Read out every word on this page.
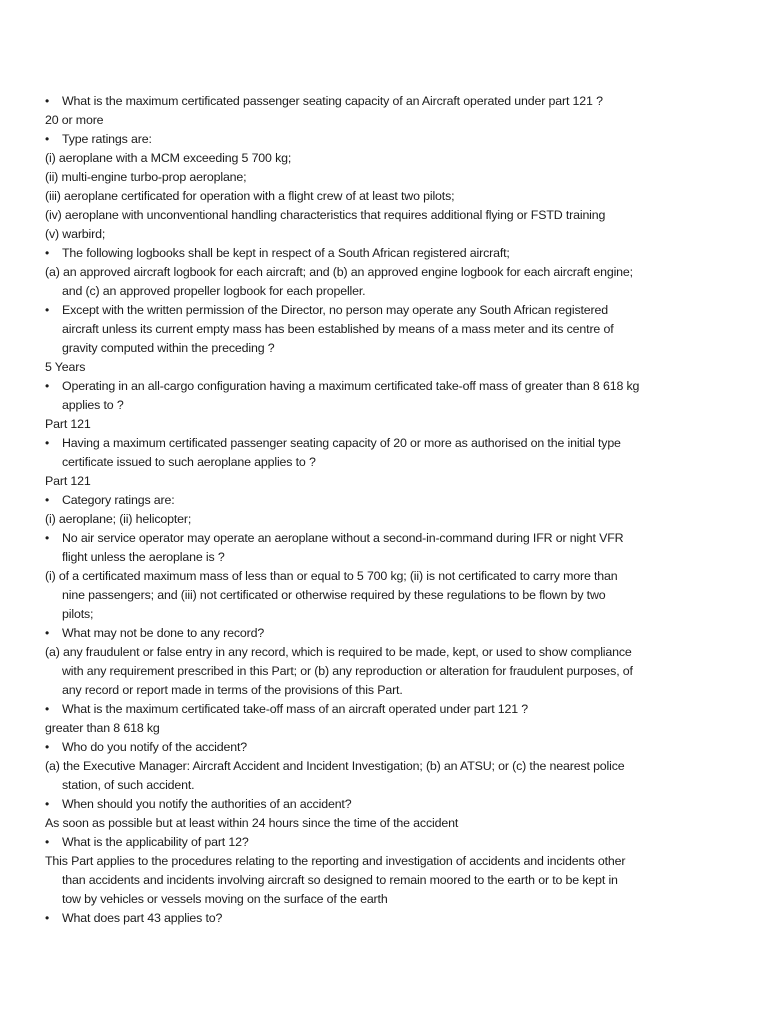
• What is the maximum certificated passenger seating capacity of an Aircraft operated under part 121 ?
20 or more
• Type ratings are:
(i) aeroplane with a MCM exceeding 5 700 kg;
(ii) multi-engine turbo-prop aeroplane;
(iii) aeroplane certificated for operation with a flight crew of at least two pilots;
(iv) aeroplane with unconventional handling characteristics that requires additional flying or FSTD training
(v) warbird;
• The following logbooks shall be kept in respect of a South African registered aircraft;
(a) an approved aircraft logbook for each aircraft; and (b) an approved engine logbook for each aircraft engine;
and (c) an approved propeller logbook for each propeller.
• Except with the written permission of the Director, no person may operate any South African registered
aircraft unless its current empty mass has been established by means of a mass meter and its centre of
gravity computed within the preceding ?
5 Years
• Operating in an all-cargo configuration having a maximum certificated take-off mass of greater than 8 618 kg
applies to ?
Part 121
• Having a maximum certificated passenger seating capacity of 20 or more as authorised on the initial type
certificate issued to such aeroplane applies to ?
Part 121
• Category ratings are:
(i) aeroplane; (ii) helicopter;
• No air service operator may operate an aeroplane without a second-in-command during IFR or night VFR
flight unless the aeroplane is ?
(i) of a certificated maximum mass of less than or equal to 5 700 kg; (ii) is not certificated to carry more than
nine passengers; and (iii) not certificated or otherwise required by these regulations to be flown by two
pilots;
• What may not be done to any record?
(a) any fraudulent or false entry in any record, which is required to be made, kept, or used to show compliance
with any requirement prescribed in this Part; or (b) any reproduction or alteration for fraudulent purposes, of
any record or report made in terms of the provisions of this Part.
• What is the maximum certificated take-off mass of an aircraft operated under part 121 ?
greater than 8 618 kg
• Who do you notify of the accident?
(a) the Executive Manager: Aircraft Accident and Incident Investigation; (b) an ATSU; or (c) the nearest police
station, of such accident.
• When should you notify the authorities of an accident?
As soon as possible but at least within 24 hours since the time of the accident
• What is the applicability of part 12?
This Part applies to the procedures relating to the reporting and investigation of accidents and incidents other
than accidents and incidents involving aircraft so designed to remain moored to the earth or to be kept in
tow by vehicles or vessels moving on the surface of the earth
• What does part 43 applies to?
